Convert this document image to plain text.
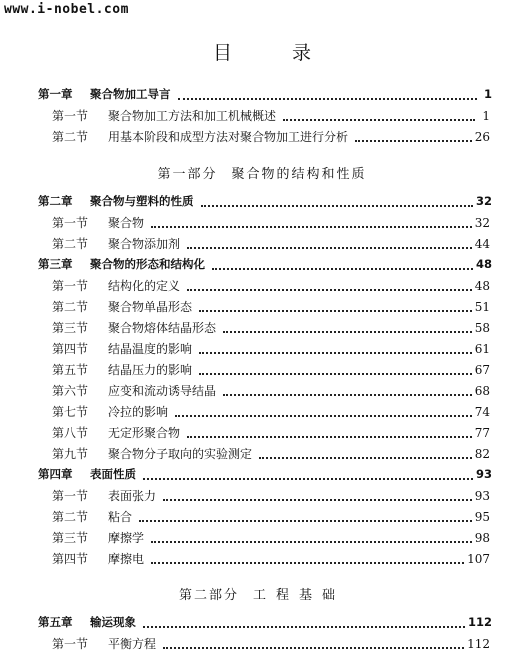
www.i-nobel.com
目录
第一章	聚合物加工导言	1
第一节	聚合物加工方法和加工机械概述	1
第二节	用基本阶段和成型方法对聚合物加工进行分析	26
第一部分 聚合物的结构和性质
第二章	聚合物与塑料的性质	32
第一节	聚合物	32
第二节	聚合物添加剂	44
第三章	聚合物的形态和结构化	48
第一节	结构化的定义	48
第二节	聚合物单晶形态	51
第三节	聚合物熔体结晶形态	58
第四节	结晶温度的影响	61
第五节	结晶压力的影响	67
第六节	应变和流动诱导结晶	68
第七节	冷拉的影响	74
第八节	无定形聚合物	77
第九节	聚合物分子取向的实验测定	82
第四章	表面性质	93
第一节	表面张力	93
第二节	粘合	95
第三节	摩擦学	98
第四节	摩擦电	107
第二部分 工程基础
第五章	输运现象	112
第一节	平衡方程	112
